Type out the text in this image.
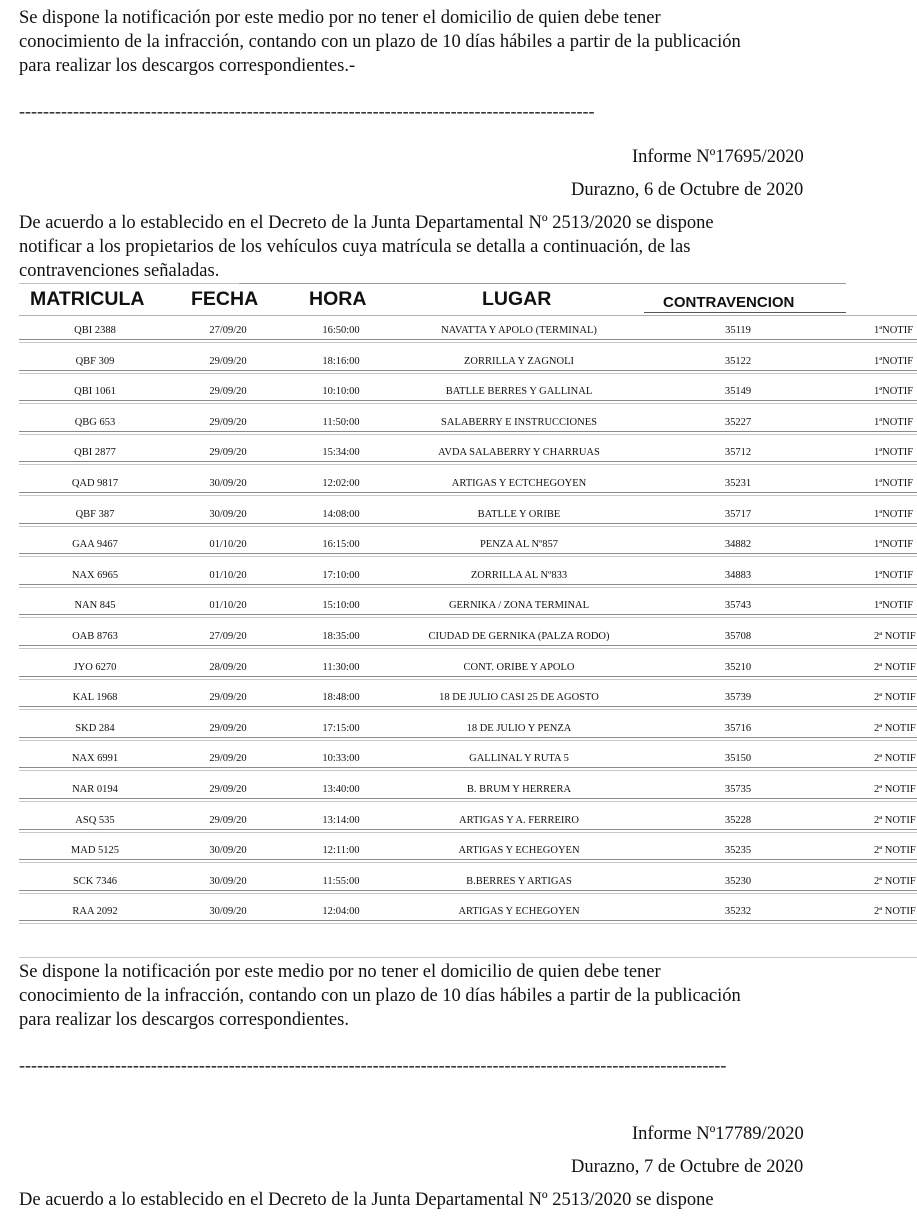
Se dispone la notificación por este medio por no tener el domicilio de quien debe tener
conocimiento de la infracción, contando con un plazo de 10 días hábiles a partir de la publicación
para realizar los descargos correspondientes.-
------------------------------------------------------------------------------------------------
Informe Nº17695/2020
Durazno, 6 de Octubre de 2020
De acuerdo a lo establecido en el Decreto de la Junta Departamental Nº 2513/2020 se dispone
notificar a los propietarios de los vehículos cuya matrícula se detalla a continuación, de las
contravenciones señaladas.
MATRICULA FECHA	HORA	LUGAR	CONTRAVENCION
QBI 2388	27/09/20	16:50:00	NAVATTA Y APOLO (TERMINAL)	35119	1ªNOTIF
QBF 309	29/09/20	18:16:00	ZORRILLA Y ZAGNOLI	35122	1ªNOTIF
QBI 1061	29/09/20	10:10:00	BATLLE BERRES Y GALLINAL	35149	1ªNOTIF
QBG 653	29/09/20	11:50:00	SALABERRY E INSTRUCCIONES	35227	1ªNOTIF
QBI 2877	29/09/20	15:34:00	AVDA SALABERRY Y CHARRUAS	35712	1ªNOTIF
QAD 9817	30/09/20	12:02:00	ARTIGAS Y ECTCHEGOYEN	35231	1ªNOTIF
QBF 387	30/09/20	14:08:00	BATLLE Y ORIBE	35717	1ªNOTIF
GAA 9467	01/10/20	16:15:00	PENZA AL Nº857	34882	1ªNOTIF
NAX 6965	01/10/20	17:10:00	ZORRILLA AL Nº833	34883	1ªNOTIF
NAN 845	01/10/20	15:10:00	GERNIKA / ZONA TERMINAL	35743	1ªNOTIF
OAB 8763	27/09/20	18:35:00	CIUDAD DE GERNIKA (PALZA RODO)	35708	2ª NOTIF
JYO 6270	28/09/20	11:30:00	CONT. ORIBE Y APOLO	35210	2ª NOTIF
KAL 1968	29/09/20	18:48:00	18 DE JULIO CASI 25 DE AGOSTO	35739	2ª NOTIF
SKD 284	29/09/20	17:15:00	18 DE JULIO Y PENZA	35716	2ª NOTIF
NAX 6991	29/09/20	10:33:00	GALLINAL Y RUTA 5	35150	2ª NOTIF
NAR 0194	29/09/20	13:40:00	B. BRUM Y HERRERA	35735	2ª NOTIF
ASQ 535	29/09/20	13:14:00	ARTIGAS Y A. FERREIRO	35228	2ª NOTIF
MAD 5125	30/09/20	12:11:00	ARTIGAS Y ECHEGOYEN	35235	2ª NOTIF
SCK 7346	30/09/20	11:55:00	B.BERRES Y ARTIGAS	35230	2ª NOTIF
RAA 2092	30/09/20	12:04:00	ARTIGAS Y ECHEGOYEN	35232	2ª NOTIF
Se dispone la notificación por este medio por no tener el domicilio de quien debe tener
conocimiento de la infracción, contando con un plazo de 10 días hábiles a partir de la publicación
para realizar los descargos correspondientes.
----------------------------------------------------------------------------------------------------------------------
Informe Nº17789/2020
Durazno, 7 de Octubre de 2020
De acuerdo a lo establecido en el Decreto de la Junta Departamental Nº 2513/2020 se dispone
